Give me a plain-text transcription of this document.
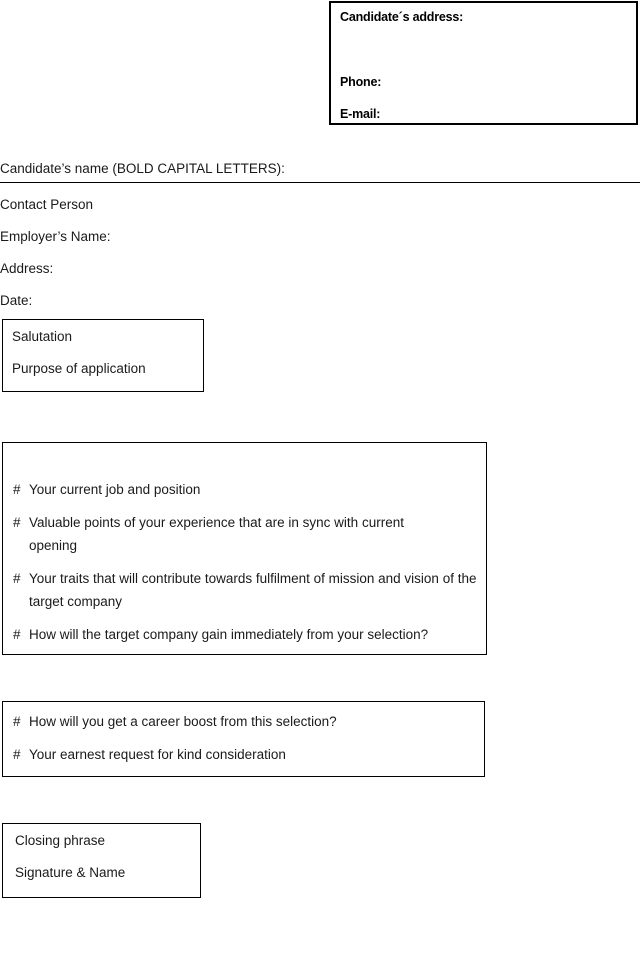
Candidate´s address:
Phone:
E-mail:
Candidate’s name (BOLD CAPITAL LETTERS):
Contact Person
Employer’s Name:
Address:
Date:
Salutation
Purpose of application
# Your current job and position
# Valuable points of your experience that are in sync with current opening
# Your traits that will contribute towards fulfilment of mission and vision of the target company
# How will the target company gain immediately from your selection?
# How will you get a career boost from this selection?
# Your earnest request for kind consideration
Closing phrase
Signature & Name
